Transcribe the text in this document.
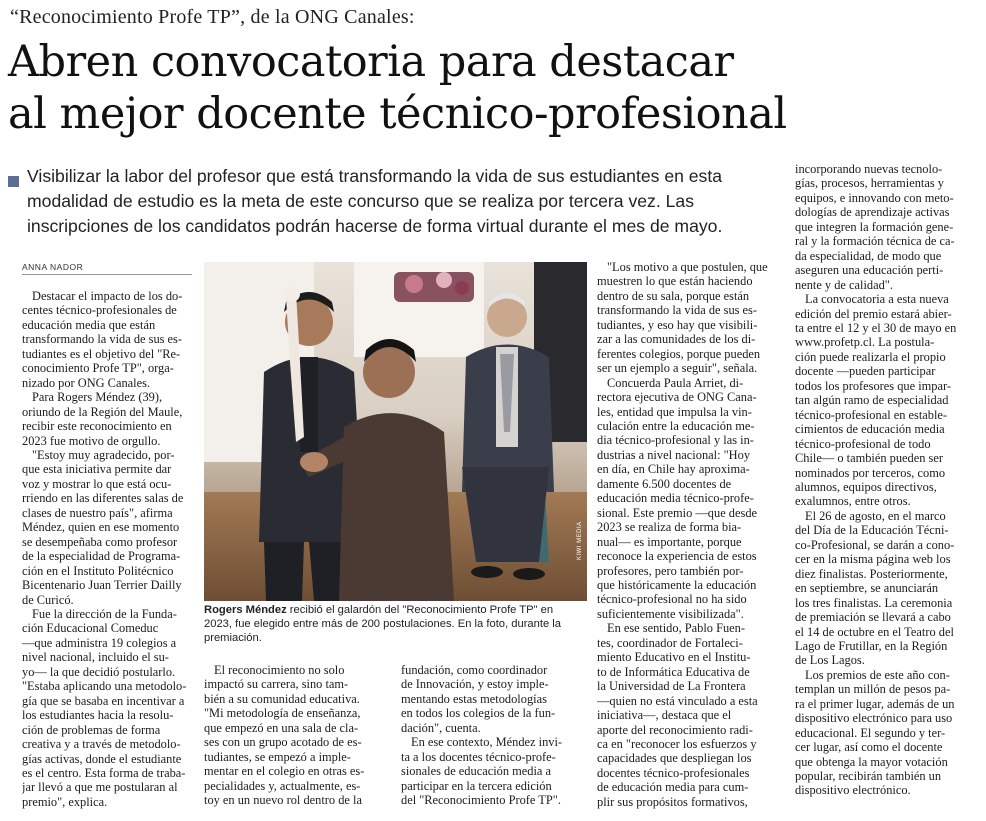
“Reconocimiento Profe TP”, de la ONG Canales:
Abren convocatoria para destacar
al mejor docente técnico-profesional
Visibilizar la labor del profesor que está transformando la vida de sus estudiantes en esta
modalidad de estudio es la meta de este concurso que se realiza por tercera vez. Las
inscripciones de los candidatos podrán hacerse de forma virtual durante el mes de mayo.
ANNA NADOR
Destacar el impacto de los do-
centes técnico-profesionales de
educación media que están
transformando la vida de sus es-
tudiantes es el objetivo del "Re-
conocimiento Profe TP", orga-
nizado por ONG Canales.
Para Rogers Méndez (39),
oriundo de la Región del Maule,
recibir este reconocimiento en
2023 fue motivo de orgullo.
"Estoy muy agradecido, por-
que esta iniciativa permite dar
voz y mostrar lo que está ocu-
rriendo en las diferentes salas de
clases de nuestro país", afirma
Méndez, quien en ese momento
se desempeñaba como profesor
de la especialidad de Programa-
ción en el Instituto Politécnico
Bicentenario Juan Terrier Dailly
de Curicó.
Fue la dirección de la Funda-
ción Educacional Comeduc
—que administra 19 colegios a
nivel nacional, incluido el su-
yo— la que decidió postularlo.
"Estaba aplicando una metodolo-
gía que se basaba en incentivar a
los estudiantes hacia la resolu-
ción de problemas de forma
creativa y a través de metodolo-
gías activas, donde el estudiante
es el centro. Esta forma de traba-
jar llevó a que me postularan al
premio", explica.
KIWI MEDIA
Rogers Méndez recibió el galardón del "Reconocimiento Profe TP" en
2023, fue elegido entre más de 200 postulaciones. En la foto, durante la
premiación.
El reconocimiento no solo
impactó su carrera, sino tam-
bién a su comunidad educativa.
"Mi metodología de enseñanza,
que empezó en una sala de cla-
ses con un grupo acotado de es-
tudiantes, se empezó a imple-
mentar en el colegio en otras es-
pecialidades y, actualmente, es-
toy en un nuevo rol dentro de la
fundación, como coordinador
de Innovación, y estoy imple-
mentando estas metodologías
en todos los colegios de la fun-
dación", cuenta.
En ese contexto, Méndez invi-
ta a los docentes técnico-profe-
sionales de educación media a
participar en la tercera edición
del "Reconocimiento Profe TP".
"Los motivo a que postulen, que
muestren lo que están haciendo
dentro de su sala, porque están
transformando la vida de sus es-
tudiantes, y eso hay que visibili-
zar a las comunidades de los di-
ferentes colegios, porque pueden
ser un ejemplo a seguir", señala.
Concuerda Paula Arriet, di-
rectora ejecutiva de ONG Cana-
les, entidad que impulsa la vin-
culación entre la educación me-
dia técnico-profesional y las in-
dustrias a nivel nacional: "Hoy
en día, en Chile hay aproxima-
damente 6.500 docentes de
educación media técnico-profe-
sional. Este premio —que desde
2023 se realiza de forma bia-
nual— es importante, porque
reconoce la experiencia de estos
profesores, pero también por-
que históricamente la educación
técnico-profesional no ha sido
suficientemente visibilizada".
En ese sentido, Pablo Fuen-
tes, coordinador de Fortaleci-
miento Educativo en el Institu-
to de Informática Educativa de
la Universidad de La Frontera
—quien no está vinculado a esta
iniciativa—, destaca que el
aporte del reconocimiento radi-
ca en "reconocer los esfuerzos y
capacidades que despliegan los
docentes técnico-profesionales
de educación media para cum-
plir sus propósitos formativos,
incorporando nuevas tecnolo-
gías, procesos, herramientas y
equipos, e innovando con meto-
dologías de aprendizaje activas
que integren la formación gene-
ral y la formación técnica de ca-
da especialidad, de modo que
aseguren una educación perti-
nente y de calidad".
La convocatoria a esta nueva
edición del premio estará abier-
ta entre el 12 y el 30 de mayo en
www.profetp.cl. La postula-
ción puede realizarla el propio
docente —pueden participar
todos los profesores que impar-
tan algún ramo de especialidad
técnico-profesional en estable-
cimientos de educación media
técnico-profesional de todo
Chile— o también pueden ser
nominados por terceros, como
alumnos, equipos directivos,
exalumnos, entre otros.
El 26 de agosto, en el marco
del Día de la Educación Técni-
co-Profesional, se darán a cono-
cer en la misma página web los
diez finalistas. Posteriormente,
en septiembre, se anunciarán
los tres finalistas. La ceremonia
de premiación se llevará a cabo
el 14 de octubre en el Teatro del
Lago de Frutillar, en la Región
de Los Lagos.
Los premios de este año con-
templan un millón de pesos pa-
ra el primer lugar, además de un
dispositivo electrónico para uso
educacional. El segundo y ter-
cer lugar, así como el docente
que obtenga la mayor votación
popular, recibirán también un
dispositivo electrónico.
